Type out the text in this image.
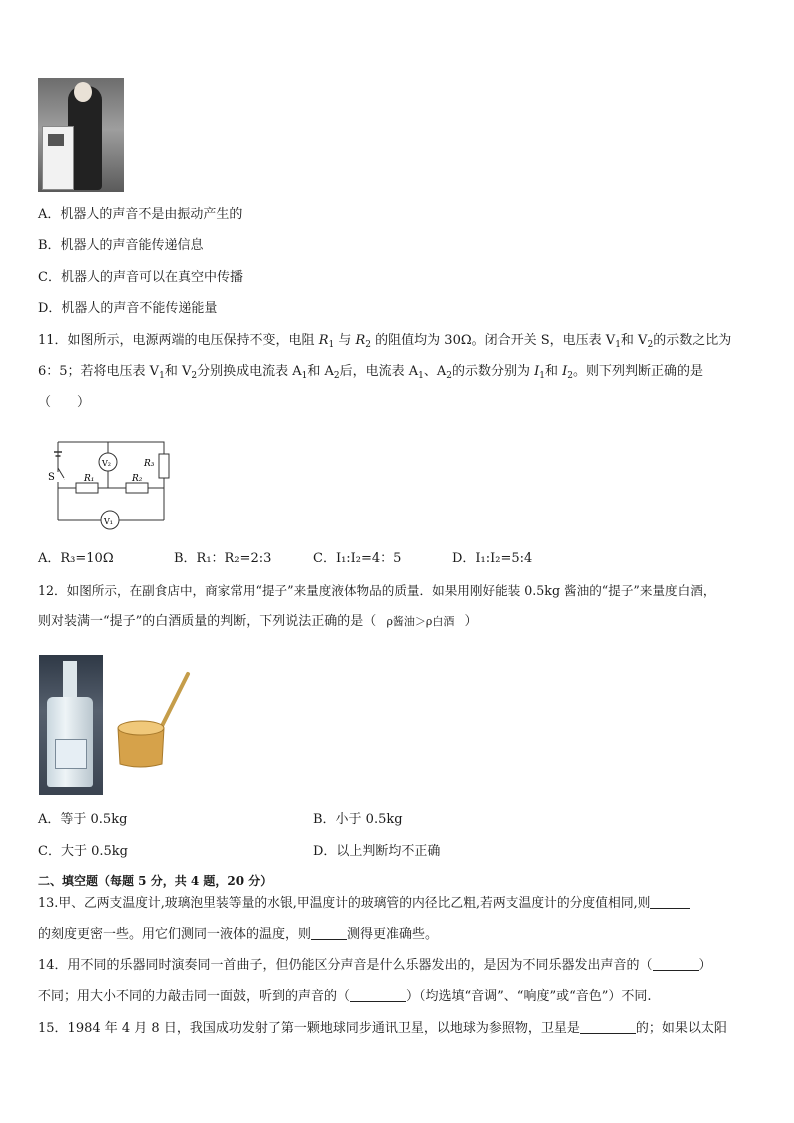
A．机器人的声音不是由振动产生的
B．机器人的声音能传递信息
C．机器人的声音可以在真空中传播
D．机器人的声音不能传递能量
11．如图所示，电源两端的电压保持不变，电阻 $R_1$ 与 $R_2$ 的阻值均为 30Ω。闭合开关 S，电压表 $V_1$和 $V_2$的示数之比为
6：5；若将电压表 $V_1$和 $V_2$分别换成电流表 $A_1$和 $A_2$后，电流表 $A_1$、$A_2$的示数分别为 $I_1$和 $I_2$。则下列判断正确的是
（　　）
S
R₃
R₁	R₂
V₂
V₁
A．R₃=10Ω	B．R₁：R₂=2:3	C．I₁:I₂=4：5	D．I₁:I₂=5:4
12．如图所示，在副食店中，商家常用“提子”来量度液体物品的质量．如果用刚好能装 0.5kg 酱油的“提子”来量度白酒，
则对装满一“提子”的白酒质量的判断，下列说法正确的是（ ρ酱油＞ρ白酒 ）
A．等于 0.5kg	B．小于 0.5kg
C．大于 0.5kg	D．以上判断均不正确
二、填空题（每题 5 分，共 4 题，20 分）
13.甲、乙两支温度计,玻璃泡里装等量的水银,甲温度计的玻璃管的内径比乙粗,若两支温度计的分度值相同,则
的刻度更密一些。用它们测同一液体的温度，则	测得更准确些。
14．用不同的乐器同时演奏同一首曲子，但仍能区分声音是什么乐器发出的，是因为不同乐器发出声音的（	）
不同；用大小不同的力敲击同一面鼓，听到的声音的（	）（均选填“音调”、“响度”或“音色”）不同.
15．1984 年 4 月 8 日，我国成功发射了第一颗地球同步通讯卫星，以地球为参照物，卫星是	的；如果以太阳
